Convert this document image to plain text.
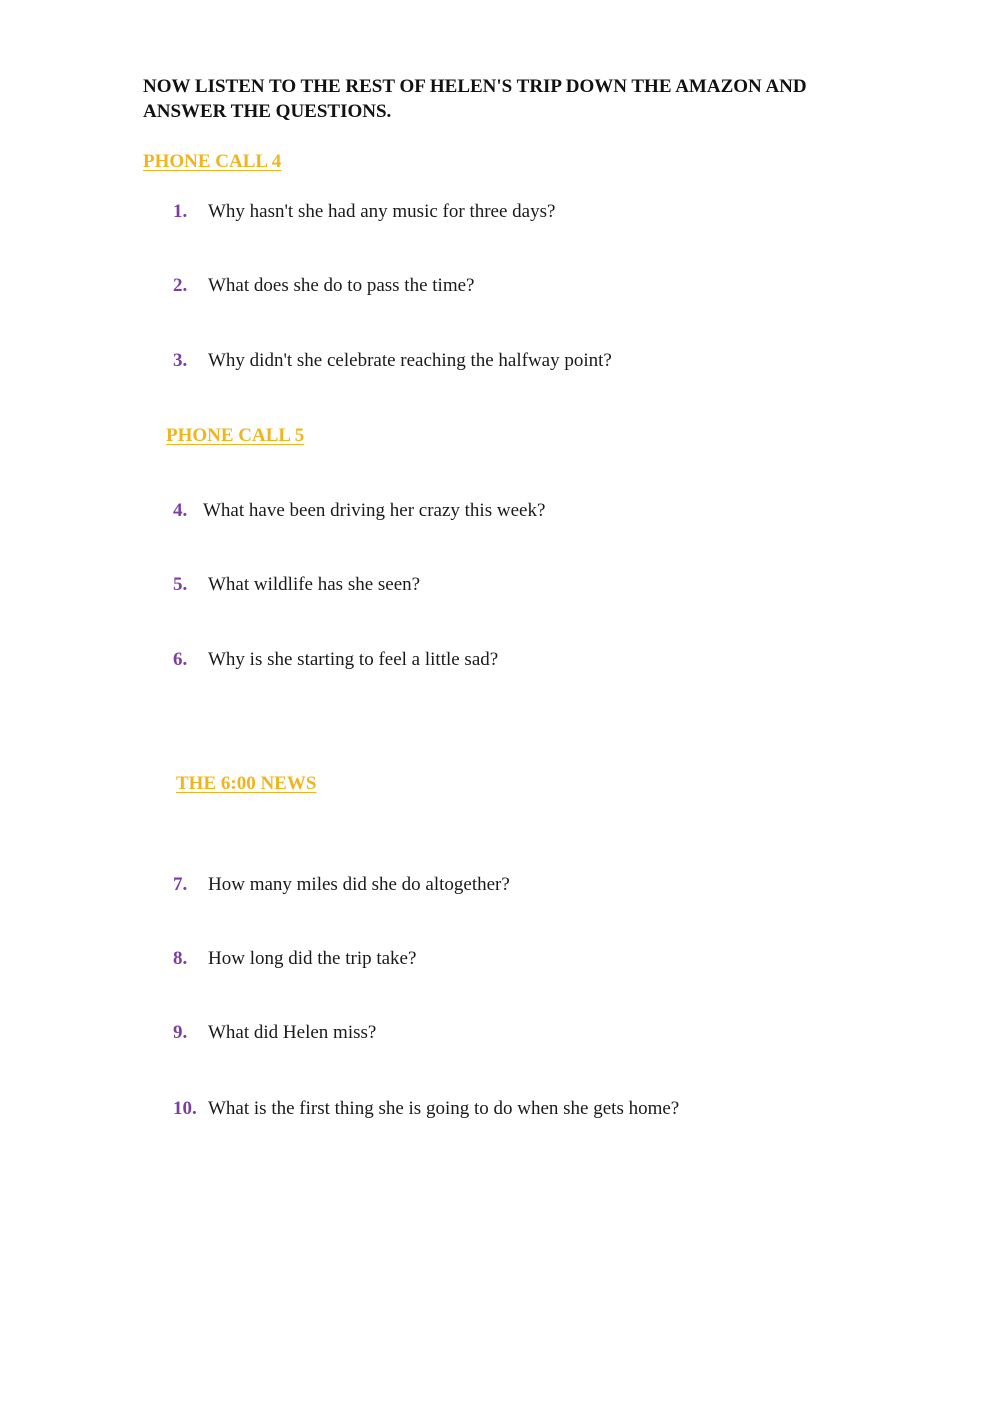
NOW LISTEN TO THE REST OF HELEN'S TRIP DOWN THE AMAZON AND ANSWER THE QUESTIONS.

PHONE CALL 4
1. Why hasn't she had any music for three days?
2. What does she do to pass the time?
3. Why didn't she celebrate reaching the halfway point?
PHONE CALL 5
4. What have been driving her crazy this week?
5. What wildlife has she seen?
6. Why is she starting to feel a little sad?
THE 6:00 NEWS
7. How many miles did she do altogether?
8. How long did the trip take?
9. What did Helen miss?
10. What is the first thing she is going to do when she gets home?
